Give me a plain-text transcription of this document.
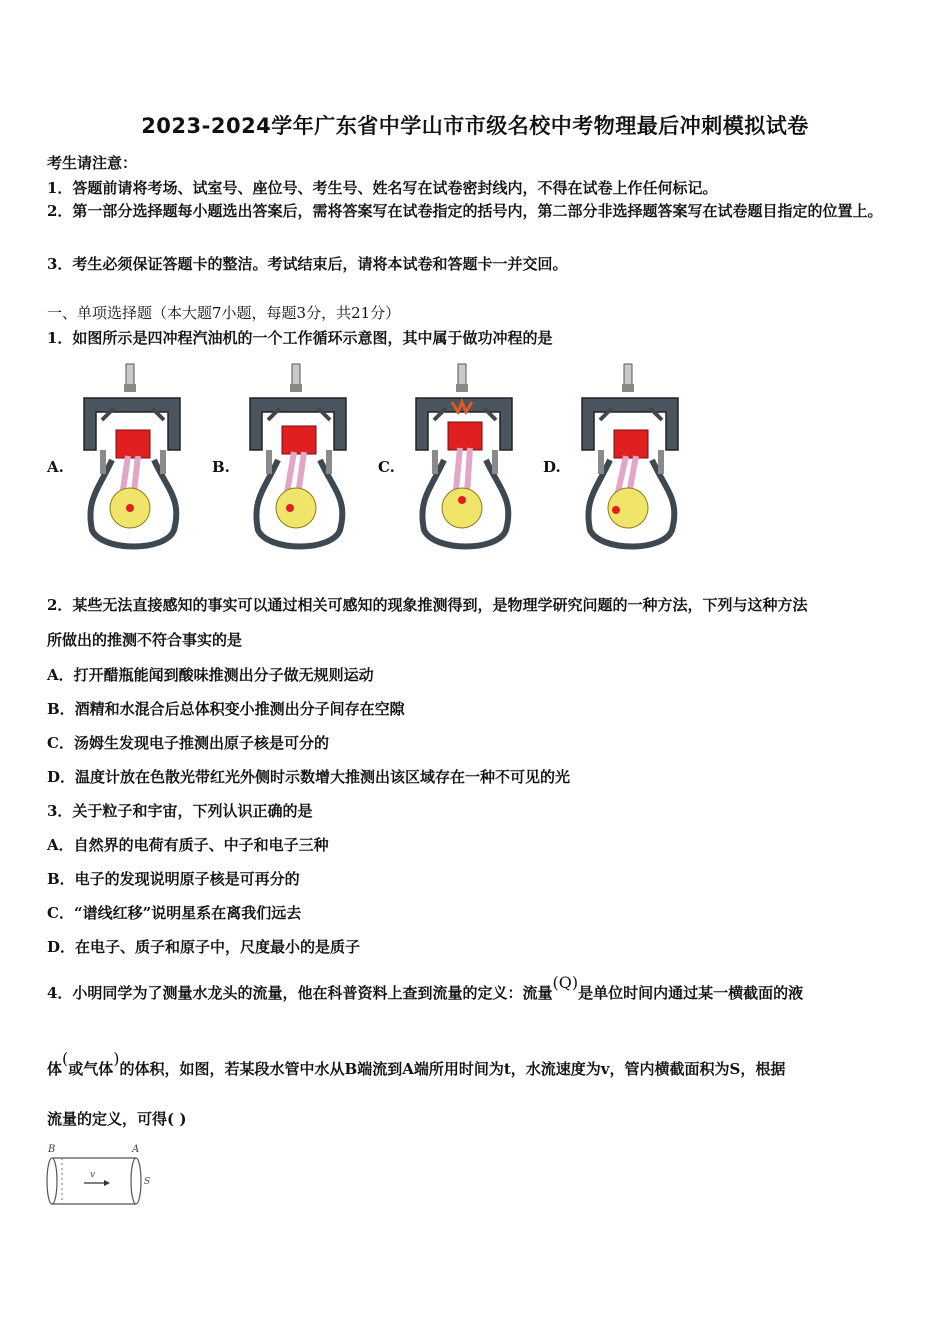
2023-2024学年广东省中学山市市级名校中考物理最后冲刺模拟试卷
考生请注意：
1．答题前请将考场、试室号、座位号、考生号、姓名写在试卷密封线内，不得在试卷上作任何标记。
2．第一部分选择题每小题选出答案后，需将答案写在试卷指定的括号内，第二部分非选择题答案写在试卷题目指定的位置上。
3．考生必须保证答题卡的整洁。考试结束后，请将本试卷和答题卡一并交回。
一、单项选择题（本大题7小题，每题3分，共21分）
1．如图所示是四冲程汽油机的一个工作循环示意图，其中属于做功冲程的是
A.	B.	C.	D.
2．某些无法直接感知的事实可以通过相关可感知的现象推测得到，是物理学研究问题的一种方法，下列与这种方法
所做出的推测不符合事实的是
A．打开醋瓶能闻到酸味推测出分子做无规则运动
B．酒精和水混合后总体积变小推测出分子间存在空隙
C．汤姆生发现电子推测出原子核是可分的
D．温度计放在色散光带红光外侧时示数增大推测出该区域存在一种不可见的光
3．关于粒子和宇宙，下列认识正确的是
A．自然界的电荷有质子、中子和电子三种
B．电子的发现说明原子核是可再分的
C．“谱线红移”说明星系在离我们远去
D．在电子、质子和原子中，尺度最小的是质子
4．小明同学为了测量水龙头的流量，他在科普资料上查到流量的定义：流量(Q)是单位时间内通过某一横截面的液
体(或气体)的体积，如图，若某段水管中水从B端流到A端所用时间为t，水流速度为v，管内横截面积为S，根据
流量的定义，可得( )
B	A
v
S
